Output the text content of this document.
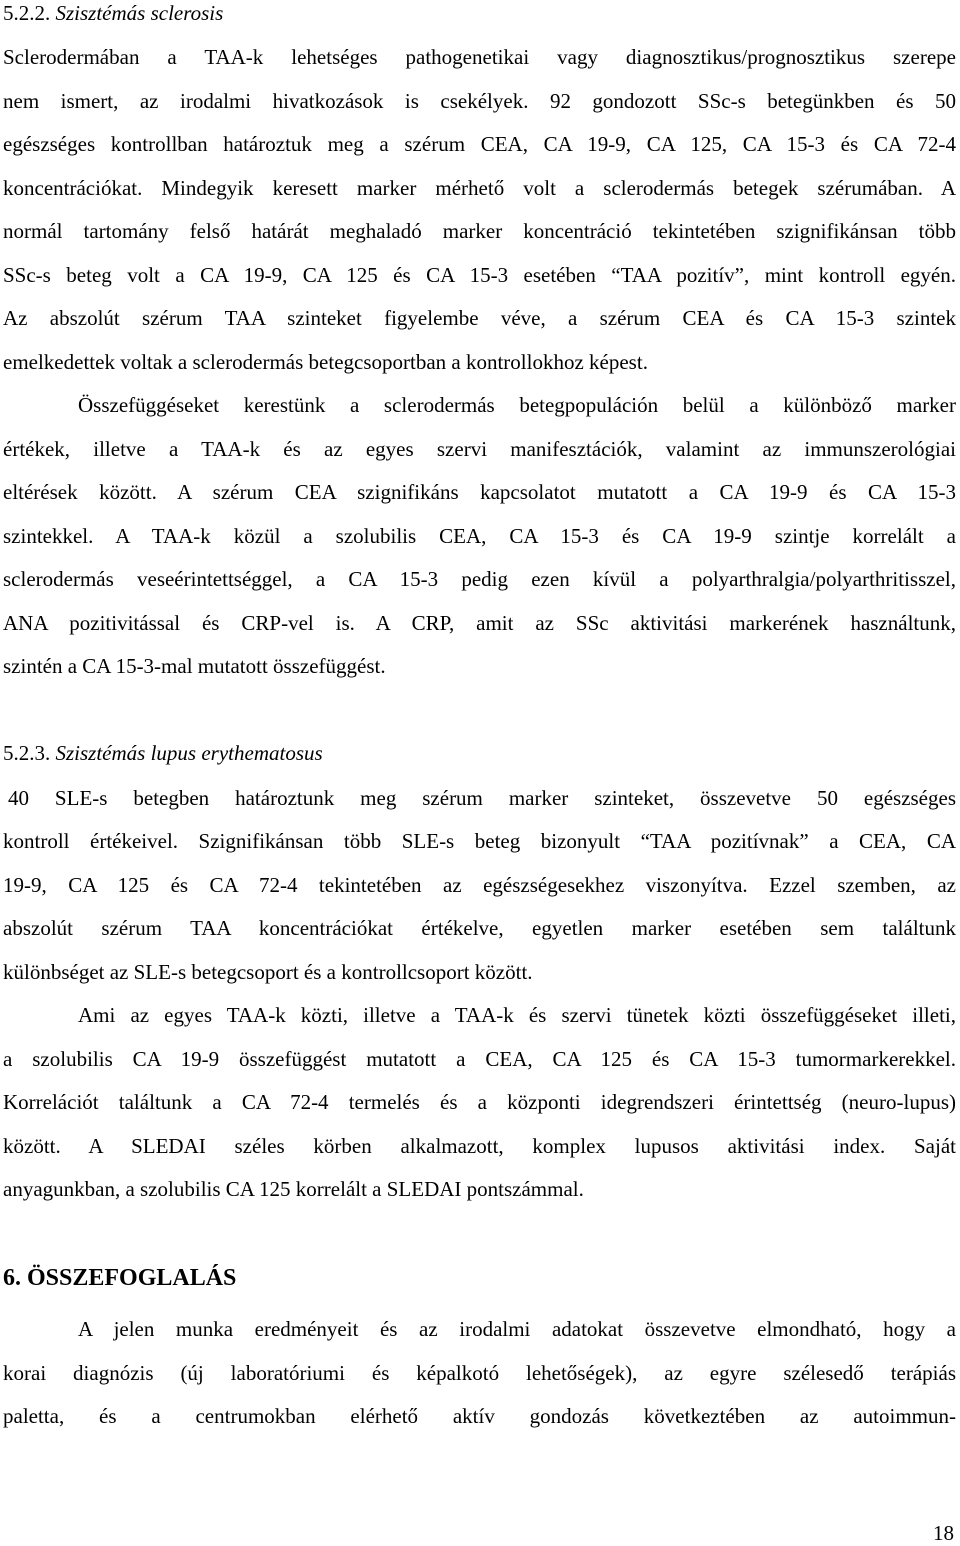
5.2.2. Szisztémás sclerosis
Sclerodermában a TAA-k lehetséges pathogenetikai vagy diagnosztikus/prognosztikus szerepe
nem ismert, az irodalmi hivatkozások is csekélyek. 92 gondozott SSc-s betegünkben és 50
egészséges kontrollban határoztuk meg a szérum CEA, CA 19-9, CA 125, CA 15-3 és CA 72-4
koncentrációkat. Mindegyik keresett marker mérhető volt a sclerodermás betegek szérumában. A
normál tartomány felső határát meghaladó marker koncentráció tekintetében szignifikánsan több
SSc-s beteg volt a CA 19-9, CA 125 és CA 15-3 esetében “TAA pozitív”, mint kontroll egyén.
Az abszolút szérum TAA szinteket figyelembe véve, a szérum CEA és CA 15-3 szintek
emelkedettek voltak a sclerodermás betegcsoportban a kontrollokhoz képest.
Összefüggéseket kerestünk a sclerodermás betegpopuláción belül a különböző marker
értékek, illetve a TAA-k és az egyes szervi manifesztációk, valamint az immunszerológiai
eltérések között. A szérum CEA szignifikáns kapcsolatot mutatott a CA 19-9 és CA 15-3
szintekkel. A TAA-k közül a szolubilis CEA, CA 15-3 és CA 19-9 szintje korrelált a
sclerodermás veseérintettséggel, a CA 15-3 pedig ezen kívül a polyarthralgia/polyarthritisszel,
ANA pozitivitással és CRP-vel is. A CRP, amit az SSc aktivitási markerének használtunk,
szintén a CA 15-3-mal mutatott összefüggést.
5.2.3. Szisztémás lupus erythematosus
40 SLE-s betegben határoztunk meg szérum marker szinteket, összevetve 50 egészséges
kontroll értékeivel. Szignifikánsan több SLE-s beteg bizonyult “TAA pozitívnak” a CEA, CA
19-9, CA 125 és CA 72-4 tekintetében az egészségesekhez viszonyítva. Ezzel szemben, az
abszolút szérum TAA koncentrációkat értékelve, egyetlen marker esetében sem találtunk
különbséget az SLE-s betegcsoport és a kontrollcsoport között.
Ami az egyes TAA-k közti, illetve a TAA-k és szervi tünetek közti összefüggéseket illeti,
a szolubilis CA 19-9 összefüggést mutatott a CEA, CA 125 és CA 15-3 tumormarkerekkel.
Korrelációt találtunk a CA 72-4 termelés és a központi idegrendszeri érintettség (neuro-lupus)
között. A SLEDAI széles körben alkalmazott, komplex lupusos aktivitási index. Saját
anyagunkban, a szolubilis CA 125 korrelált a SLEDAI pontszámmal.
6. ÖSSZEFOGLALÁS
A jelen munka eredményeit és az irodalmi adatokat összevetve elmondható, hogy a
korai diagnózis (új laboratóriumi és képalkotó lehetőségek), az egyre szélesedő terápiás
paletta, és a centrumokban elérhető aktív gondozás következtében az autoimmun-
18
